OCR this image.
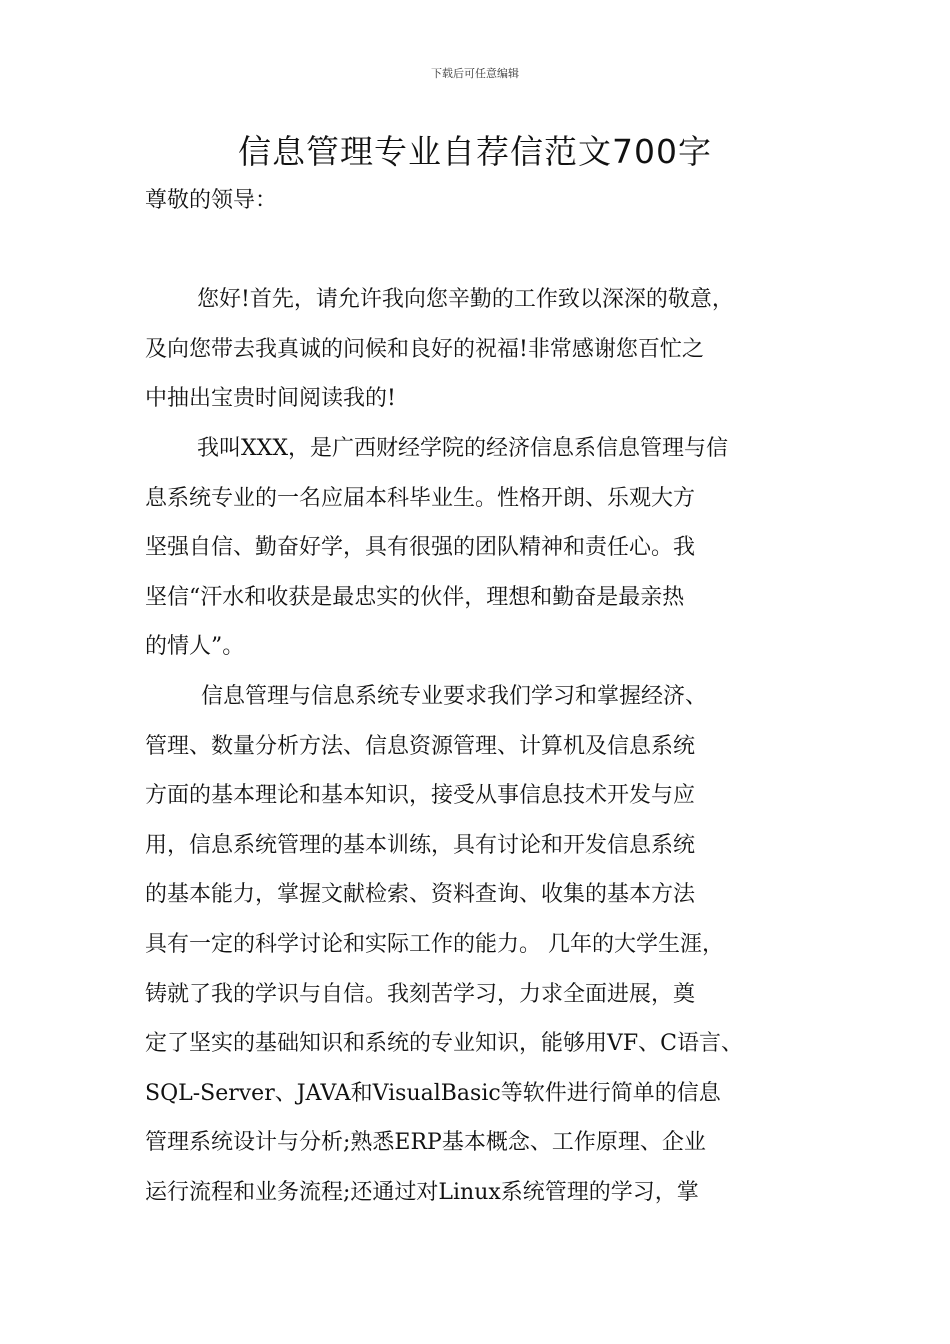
下载后可任意编辑
信息管理专业自荐信范文700字
尊敬的领导：
您好!首先，请允许我向您辛勤的工作致以深深的敬意，
及向您带去我真诚的问候和良好的祝福!非常感谢您百忙之
中抽出宝贵时间阅读我的!
我叫XXX，是广西财经学院的经济信息系信息管理与信
息系统专业的一名应届本科毕业生。性格开朗、乐观大方
坚强自信、勤奋好学，具有很强的团队精神和责任心。我
坚信“汗水和收获是最忠实的伙伴，理想和勤奋是最亲热
的情人”。
信息管理与信息系统专业要求我们学习和掌握经济、
管理、数量分析方法、信息资源管理、计算机及信息系统
方面的基本理论和基本知识，接受从事信息技术开发与应
用，信息系统管理的基本训练，具有讨论和开发信息系统
的基本能力，掌握文献检索、资料查询、收集的基本方法
具有一定的科学讨论和实际工作的能力。 几年的大学生涯，
铸就了我的学识与自信。我刻苦学习，力求全面进展，奠
定了坚实的基础知识和系统的专业知识，能够用VF、C语言、
SQL-Server、JAVA和VisualBasic等软件进行简单的信息
管理系统设计与分析;熟悉ERP基本概念、工作原理、企业
运行流程和业务流程;还通过对Linux系统管理的学习，掌
